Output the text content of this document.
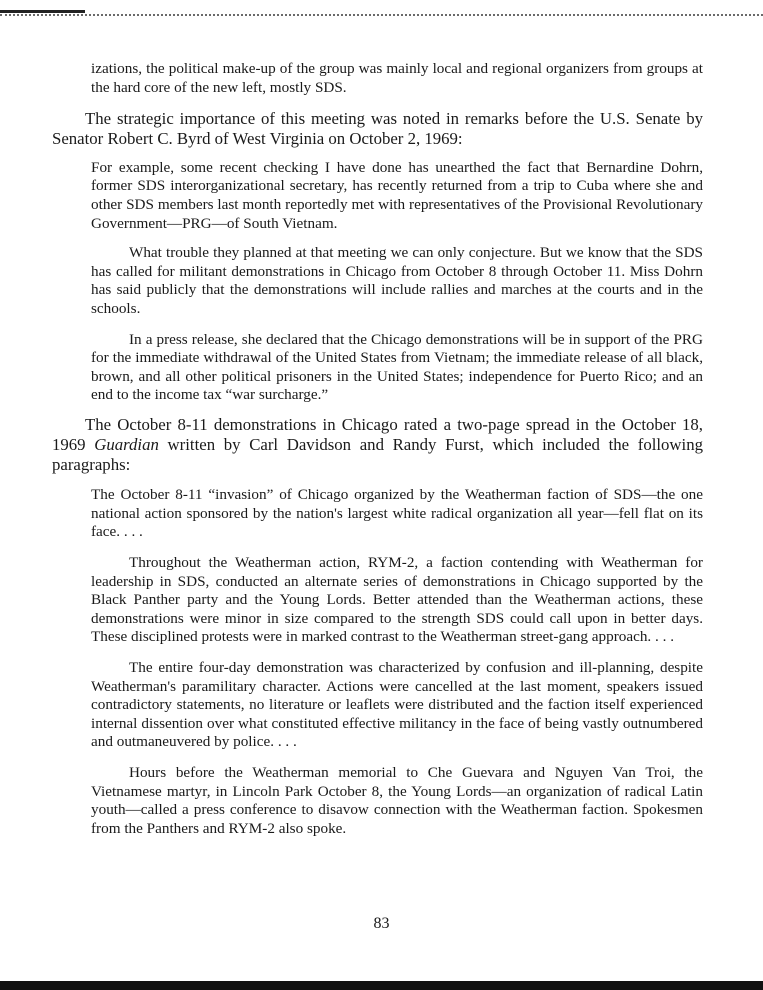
izations, the political make-up of the group was mainly local and regional organizers from groups at the hard core of the new left, mostly SDS.

The strategic importance of this meeting was noted in remarks before the U.S. Senate by Senator Robert C. Byrd of West Virginia on October 2, 1969:

For example, some recent checking I have done has unearthed the fact that Bernardine Dohrn, former SDS interorganizational secretary, has recently returned from a trip to Cuba where she and other SDS members last month reportedly met with representatives of the Provisional Revolutionary Government—PRG—of South Vietnam.

What trouble they planned at that meeting we can only conjecture. But we know that the SDS has called for militant demonstrations in Chicago from October 8 through October 11. Miss Dohrn has said publicly that the demonstrations will include rallies and marches at the courts and in the schools.

In a press release, she declared that the Chicago demonstrations will be in support of the PRG for the immediate withdrawal of the United States from Vietnam; the immediate release of all black, brown, and all other political prisoners in the United States; independence for Puerto Rico; and an end to the income tax “war surcharge.”

The October 8-11 demonstrations in Chicago rated a two-page spread in the October 18, 1969 Guardian written by Carl Davidson and Randy Furst, which included the following paragraphs:

The October 8-11 “invasion” of Chicago organized by the Weatherman faction of SDS—the one national action sponsored by the nation's largest white radical organization all year—fell flat on its face. . . .

Throughout the Weatherman action, RYM-2, a faction contending with Weatherman for leadership in SDS, conducted an alternate series of demonstrations in Chicago supported by the Black Panther party and the Young Lords. Better attended than the Weatherman actions, these demonstrations were minor in size compared to the strength SDS could call upon in better days. These disciplined protests were in marked contrast to the Weatherman street-gang approach. . . .

The entire four-day demonstration was characterized by confusion and ill-planning, despite Weatherman's paramilitary character. Actions were cancelled at the last moment, speakers issued contradictory statements, no literature or leaflets were distributed and the faction itself experienced internal dissention over what constituted effective militancy in the face of being vastly outnumbered and outmaneuvered by police. . . .

Hours before the Weatherman memorial to Che Guevara and Nguyen Van Troi, the Vietnamese martyr, in Lincoln Park October 8, the Young Lords—an organization of radical Latin youth—called a press conference to disavow connection with the Weatherman faction. Spokesmen from the Panthers and RYM-2 also spoke.

83
